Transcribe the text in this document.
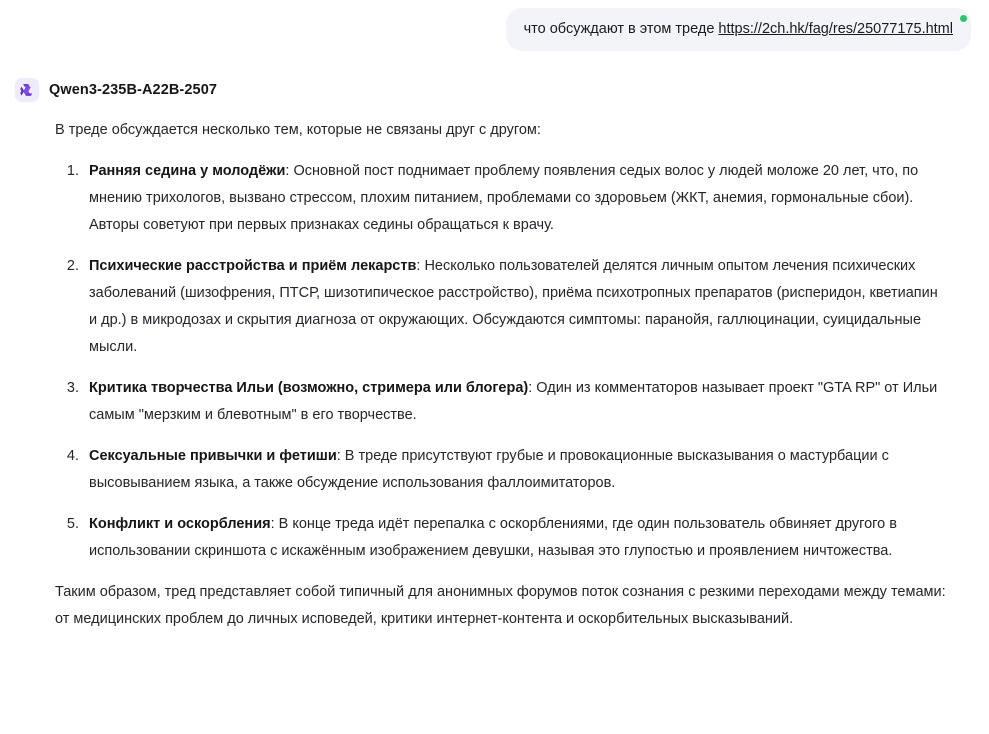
что обсуждают в этом треде https://2ch.hk/fag/res/25077175.html
Qwen3-235B-A22B-2507

В треде обсуждается несколько тем, которые не связаны друг с другом:

1. Ранняя седина у молодёжи: Основной пост поднимает проблему появления седых волос у людей моложе 20 лет, что, по мнению трихологов, вызвано стрессом, плохим питанием, проблемами со здоровьем (ЖКТ, анемия, гормональные сбои). Авторы советуют при первых признаках седины обращаться к врачу.
2. Психические расстройства и приём лекарств: Несколько пользователей делятся личным опытом лечения психических заболеваний (шизофрения, ПТСР, шизотипическое расстройство), приёма психотропных препаратов (рисперидон, кветиапин и др.) в микродозах и скрытия диагноза от окружающих. Обсуждаются симптомы: паранойя, галлюцинации, суицидальные мысли.
3. Критика творчества Ильи (возможно, стримера или блогера): Один из комментаторов называет проект "GTA RP" от Ильи самым "мерзким и блевотным" в его творчестве.
4. Сексуальные привычки и фетиши: В треде присутствуют грубые и провокационные высказывания о мастурбации с высовыванием языка, а также обсуждение использования фаллоимитаторов.
5. Конфликт и оскорбления: В конце треда идёт перепалка с оскорблениями, где один пользователь обвиняет другого в использовании скриншота с искажённым изображением девушки, называя это глупостью и проявлением ничтожества.

Таким образом, тред представляет собой типичный для анонимных форумов поток сознания с резкими переходами между темами: от медицинских проблем до личных исповедей, критики интернет-контента и оскорбительных высказываний.
